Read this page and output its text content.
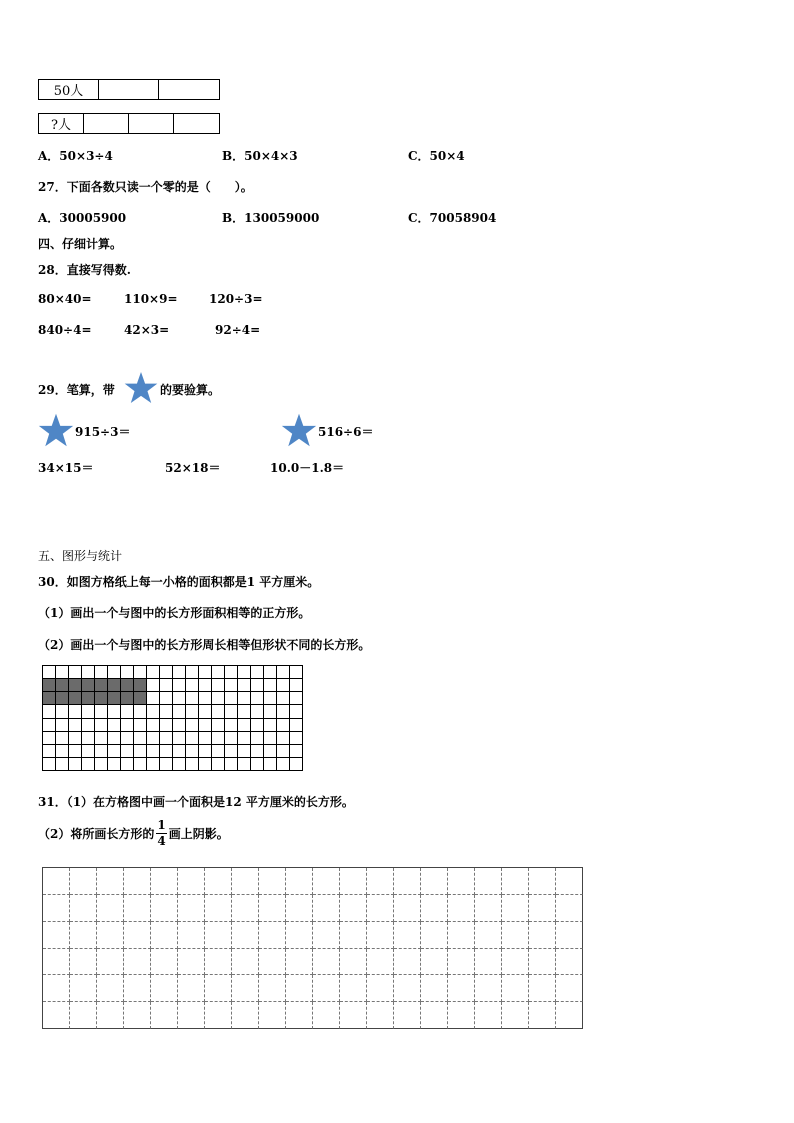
50人
?人
A．50×3÷4	B．50×4×3	C．50×4
27．下面各数只读一个零的是（　　）。
A．30005900	B．130059000	C．70058904
四、仔细计算。
28．直接写得数.
80×40=	110×9=	120÷3=
840÷4=	42×3=	92÷4=
29．笔算，带	的要验算。
915÷3＝	516÷6＝
34×15＝	52×18＝	10.0－1.8＝
五、图形与统计
30．如图方格纸上每一小格的面积都是1 平方厘米。
（1）画出一个与图中的长方形面积相等的正方形。
（2）画出一个与图中的长方形周长相等但形状不同的长方形。
31．（1）在方格图中画一个面积是12 平方厘米的长方形。
（2）将所画长方形的 $\frac{1}{4}$ 画上阴影。
